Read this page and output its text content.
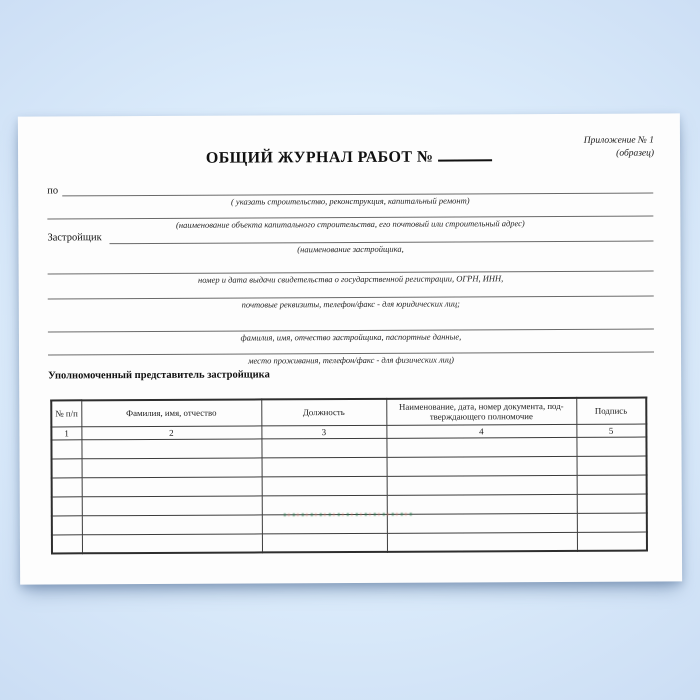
Приложение № 1
(образец)
ОБЩИЙ ЖУРНАЛ РАБОТ №
по
( указать строительство, реконструкция, капитальный ремонт)
(наименование объекта капитального строительства, его почтовый или строительный адрес)
Застройщик
(наименование застройщика,
номер и дата выдачи свидетельства о государственной регистрации, ОГРН, ИНН,
почтовые реквизиты, телефон/факс - для юридических лиц;
фамилия, имя, отчество застройщика, паспортные данные,
место проживания, телефон/факс - для физических лиц)
Уполномоченный представитель застройщика
№ п/п	Фамилия, имя, отчество	Должность	Наименование, дата, номер документа, под-тверждающего полномочие	Подпись
1	2	3	4	5
